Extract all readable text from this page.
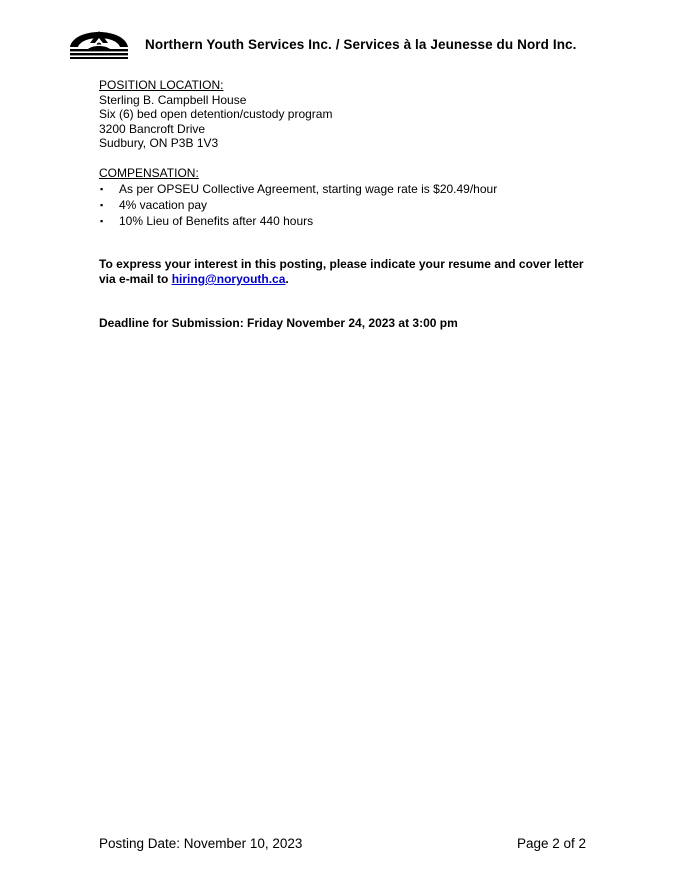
Northern Youth Services Inc. / Services à la Jeunesse du Nord Inc.
POSITION LOCATION:
Sterling B. Campbell House
Six (6) bed open detention/custody program
3200 Bancroft Drive
Sudbury, ON P3B 1V3
COMPENSATION:
▪ As per OPSEU Collective Agreement, starting wage rate is $20.49/hour
▪ 4% vacation pay
▪ 10% Lieu of Benefits after 440 hours
To express your interest in this posting, please indicate your resume and cover letter via e-mail to hiring@noryouth.ca.
Deadline for Submission: Friday November 24, 2023 at 3:00 pm
Posting Date: November 10, 2023	Page 2 of 2
